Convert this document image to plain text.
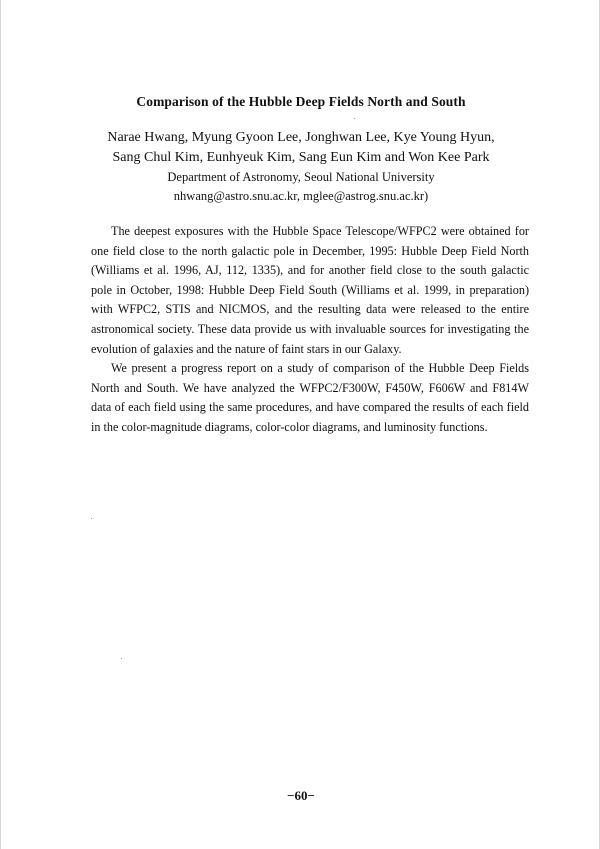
Comparison of the Hubble Deep Fields North and South
Narae Hwang, Myung Gyoon Lee, Jonghwan Lee, Kye Young Hyun,
Sang Chul Kim, Eunhyeuk Kim, Sang Eun Kim and Won Kee Park
Department of Astronomy, Seoul National University
nhwang@astro.snu.ac.kr, mglee@astrog.snu.ac.kr)

The deepest exposures with the Hubble Space Telescope/WFPC2 were obtained for one field close to the north galactic pole in December, 1995: Hubble Deep Field North (Williams et al. 1996, AJ, 112, 1335), and for another field close to the south galactic pole in October, 1998: Hubble Deep Field South (Williams et al. 1999, in preparation) with WFPC2, STIS and NICMOS, and the resulting data were released to the entire astronomical society. These data provide us with invaluable sources for investigating the evolution of galaxies and the nature of faint stars in our Galaxy.

We present a progress report on a study of comparison of the Hubble Deep Fields North and South. We have analyzed the WFPC2/F300W, F450W, F606W and F814W data of each field using the same procedures, and have compared the results of each field in the color-magnitude diagrams, color-color diagrams, and luminosity functions.

−60−
